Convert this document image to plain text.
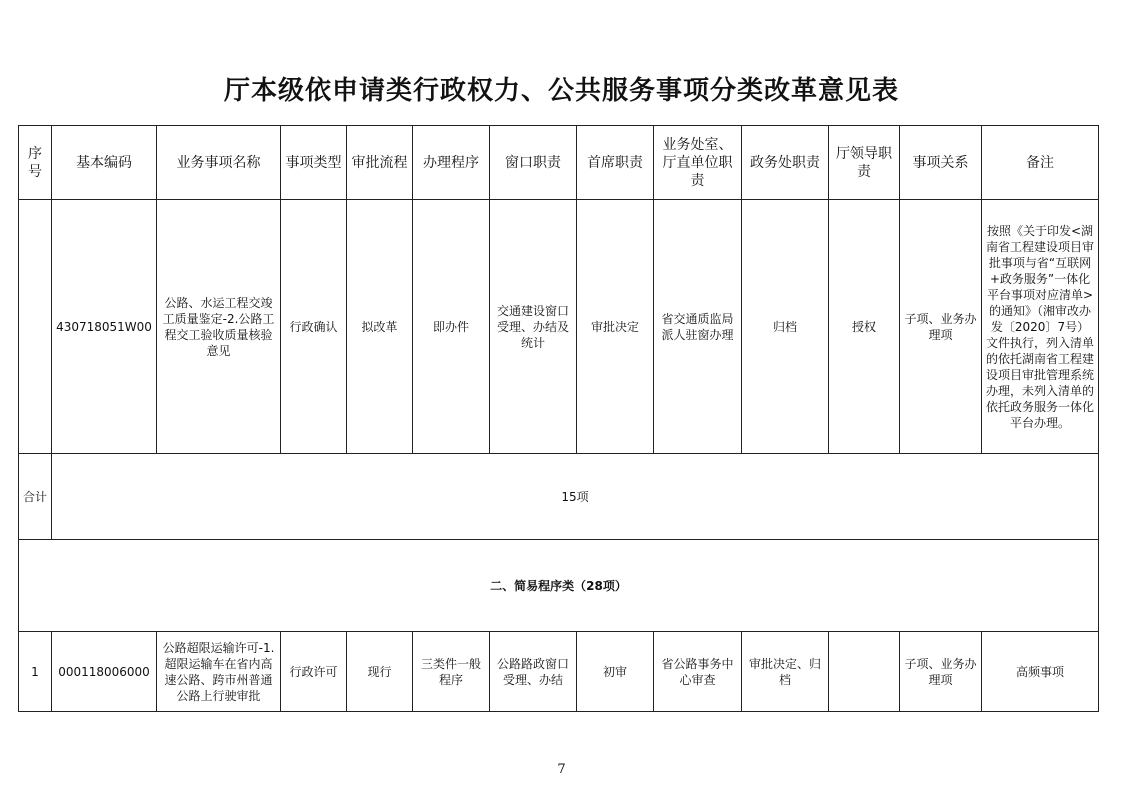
厅本级依申请类行政权力、公共服务事项分类改革意见表
序号	基本编码	业务事项名称	事项类型	审批流程	办理程序	窗口职责	首席职责	业务处室、厅直单位职责	政务处职责	厅领导职责	事项关系	备注
	430718051W00	公路、水运工程交竣工质量鉴定-2.公路工程交工验收质量核验意见	行政确认	拟改革	即办件	交通建设窗口受理、办结及统计	审批决定	省交通质监局派人驻窗办理	归档	授权	子项、业务办理项	按照《关于印发<湖南省工程建设项目审批事项与省“互联网+政务服务”一体化平台事项对应清单>的通知》（湘审改办发〔2020〕7号）文件执行，列入清单的依托湖南省工程建设项目审批管理系统办理，未列入清单的依托政务服务一体化平台办理。
合计	15项											
二、简易程序类（28项）												
1	000118006000	公路超限运输许可-1.超限运输车在省内高速公路、跨市州普通公路上行驶审批	行政许可	现行	三类件一般程序	公路路政窗口受理、办结	初审	省公路事务中心审查	审批决定、归档		子项、业务办理项	高频事项
7
